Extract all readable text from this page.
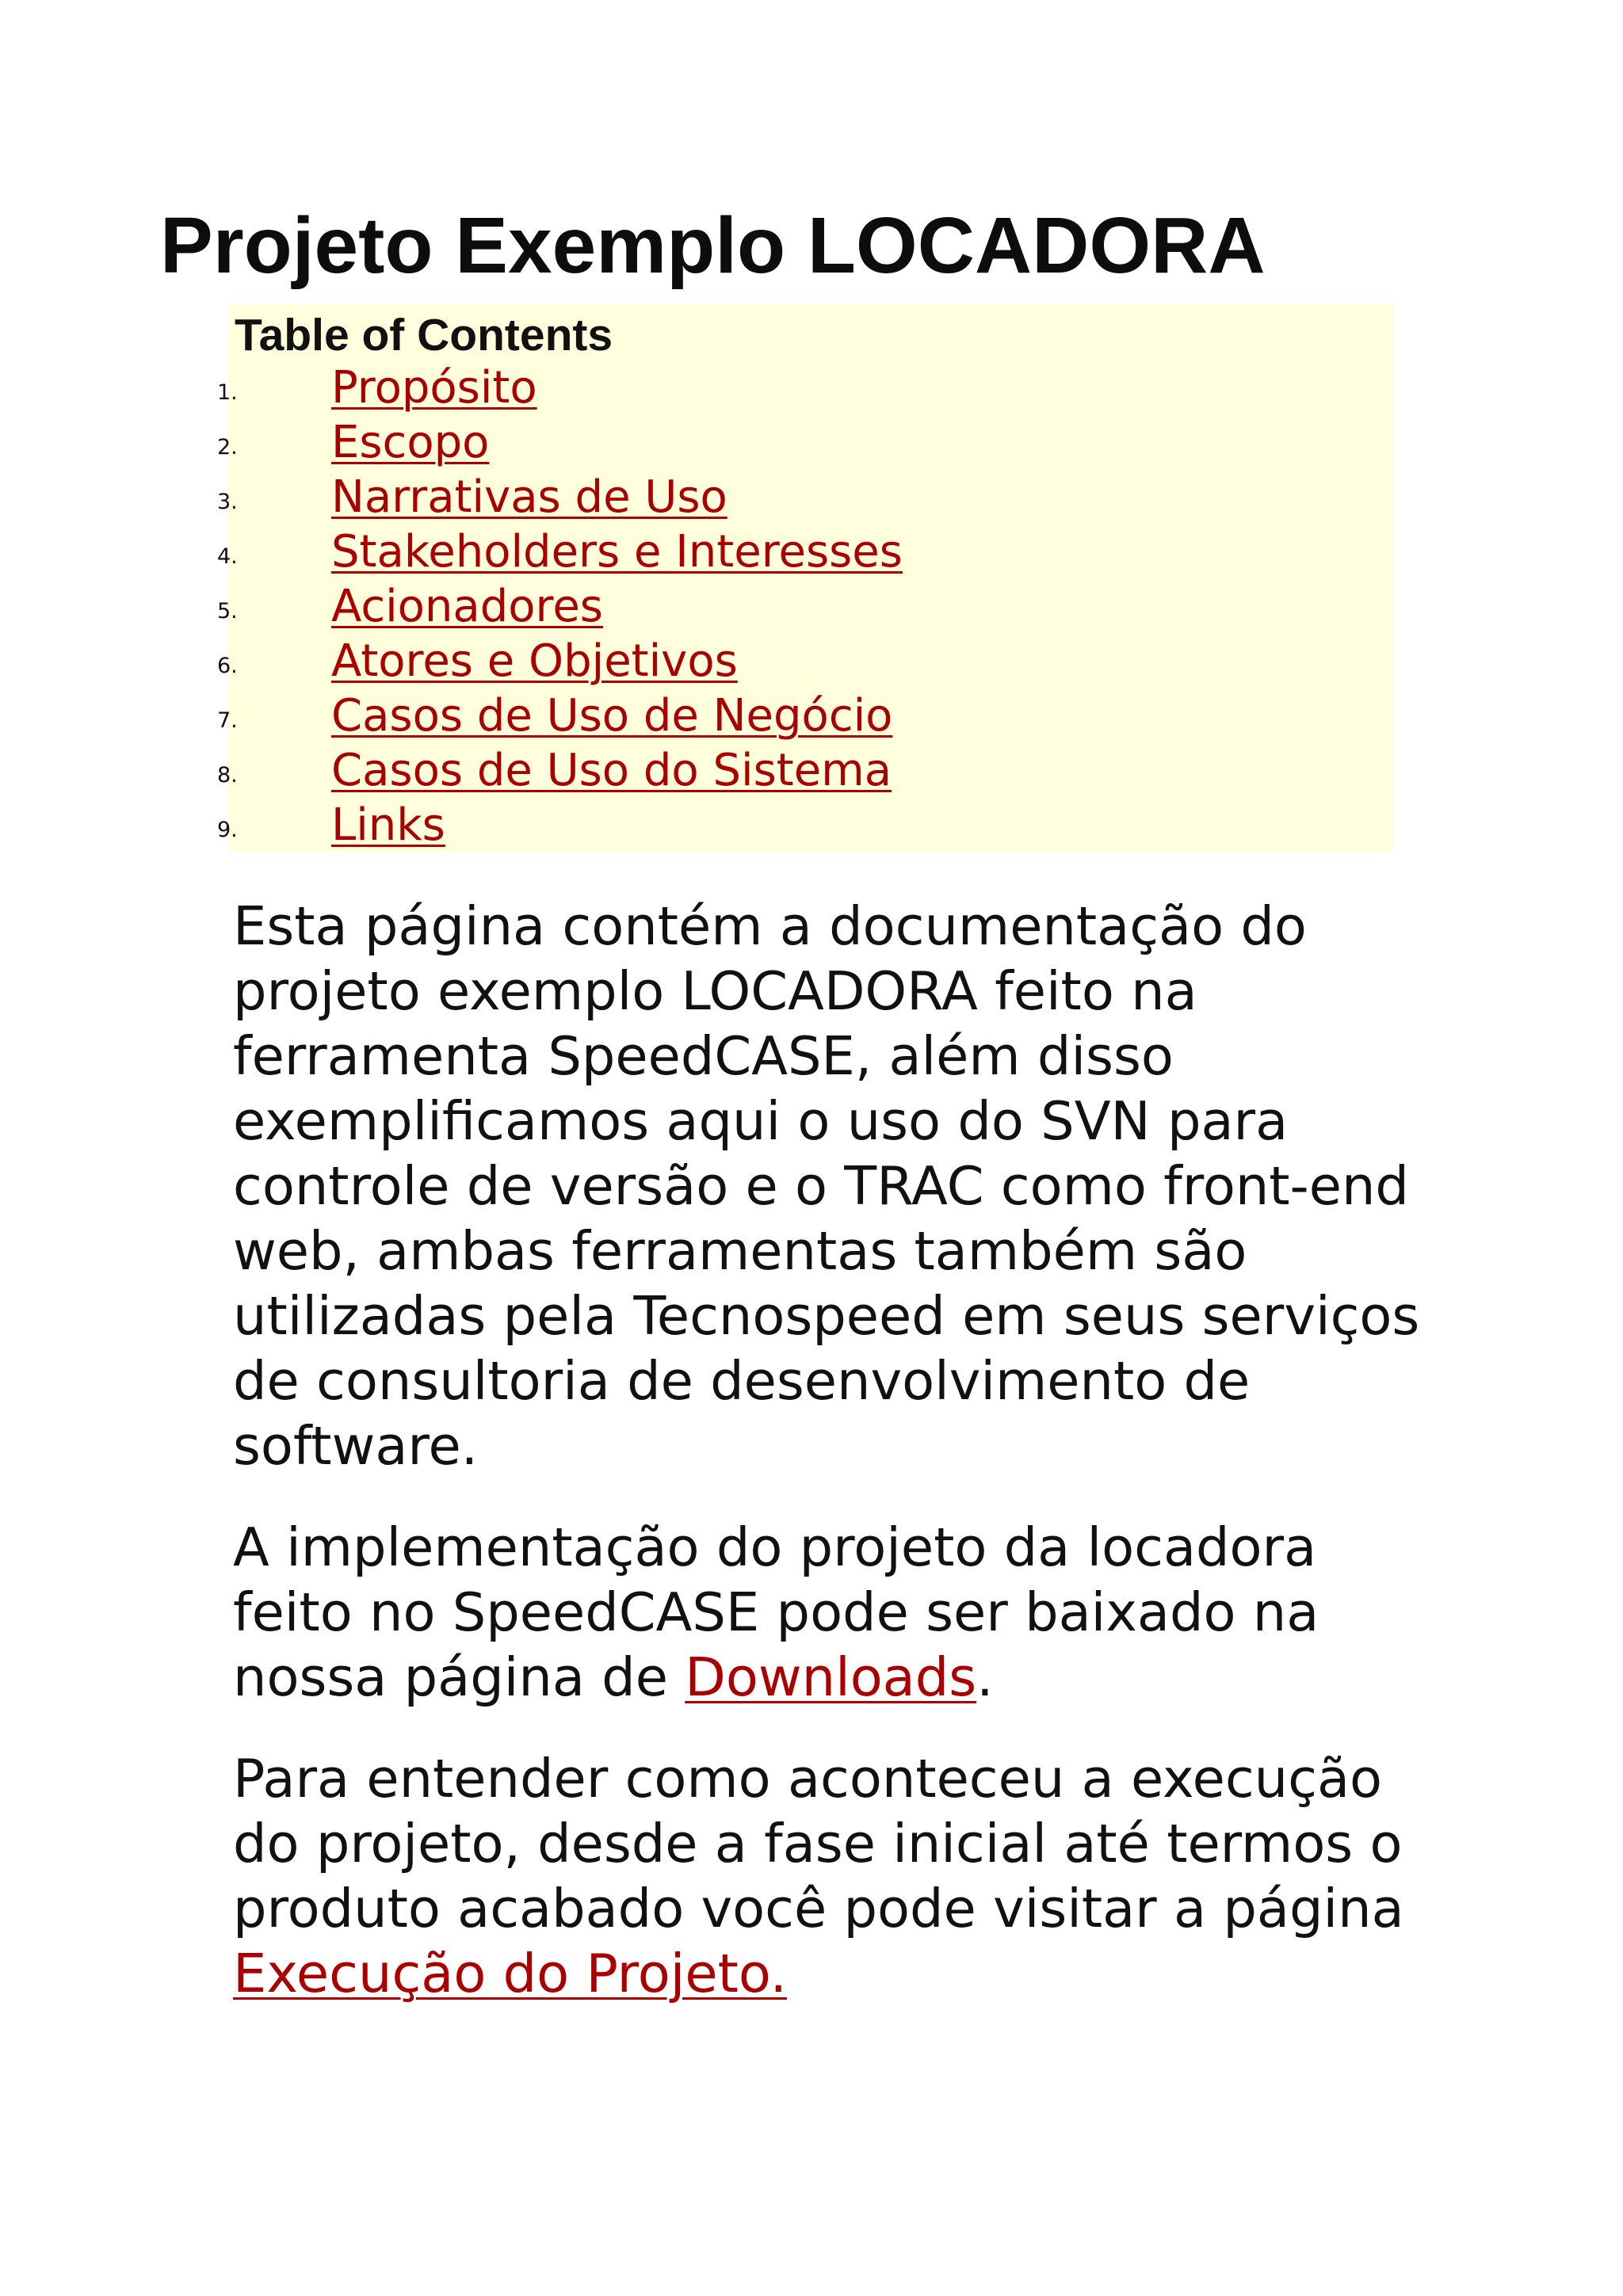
Projeto Exemplo LOCADORA
Table of Contents
1. Propósito
2. Escopo
3. Narrativas de Uso
4. Stakeholders e Interesses
5. Acionadores
6. Atores e Objetivos
7. Casos de Uso de Negócio
8. Casos de Uso do Sistema
9. Links

Esta página contém a documentação do projeto exemplo LOCADORA feito na ferramenta SpeedCASE, além disso exemplificamos aqui o uso do SVN para controle de versão e o TRAC como front-end web, ambas ferramentas também são utilizadas pela Tecnospeed em seus serviços de consultoria de desenvolvimento de software.

A implementação do projeto da locadora feito no SpeedCASE pode ser baixado na nossa página de Downloads.

Para entender como aconteceu a execução do projeto, desde a fase inicial até termos o produto acabado você pode visitar a página Execução do Projeto.
